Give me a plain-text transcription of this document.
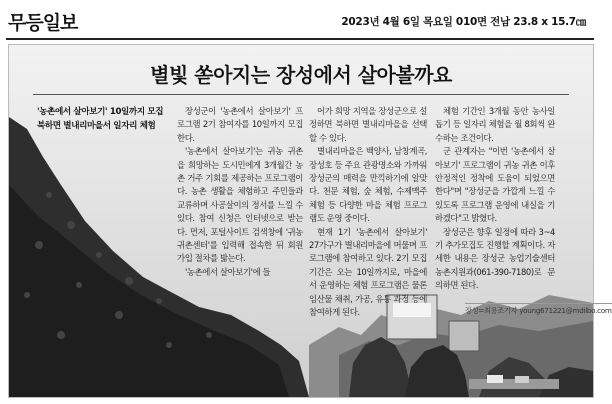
무등일보	2023년 4월 6일 목요일 010면 전남 23.8 x 15.7㎝
별빛 쏟아지는 장성에서 살아볼까요

'농촌에서 살아보기' 10일까지 모집

북하면 별내리마을서 일자리 체험

장성군이 '농촌에서 살아보기' 프로그램 2기 참여자를 10일까지 모집한다.

'농촌에서 살아보기'는 귀농 귀촌을 희망하는 도시민에게 3개월간 농촌 거주 기회를 제공하는 프로그램이다. 농촌 생활을 체험하고 주민들과 교류하며 사공살이의 정서를 느낄 수 있다. 참여 신청은 인터넷으로 받는다. 먼저, 포털사이트 검색창에 '귀농귀촌센터'를 입력해 접속한 뒤 회원가입 절차를 밟는다.

'농촌에서 살아보기'에 들

어가 희망 지역을 장성군으로 설정하면 북하면 별내리마을을 선택할 수 있다.

별내리마을은 백양사, 남창계곡, 장성호 등 주요 관광명소와 가까워 장성군의 매력을 만끽하기에 알맞다. 천문 체험, 숲 체험, 수제맥주 체험 등 다양한 마을 체험 프로그램도 운영 중이다.

현재 1기 '농촌에서 살아보기' 27가구가 별내리마을에 머물며 프로그램에 참여하고 있다. 2기 모집 기간은 오는 10일까지로, 마을에서 운영하는 체험 프로그램은 물론 임산물 채취, 가공, 유통 과정 등에 참여하게 된다.

체험 기간인 3개월 동안 농사일 돕기 등 일자리 체험을 월 8회씩 완수하는 조건이다.

군 관계자는 "이번 '농촌에서 살아보기' 프로그램이 귀농 귀촌 이후 안정적인 정착에 도움이 되었으면 한다"며 "장성군을 가깝게 느낄 수 있도록 프로그램 운영에 내실을 기하겠다"고 밝혔다.

장성군은 향후 일정에 따라 3~4기 추가모집도 진행할 계획이다. 자세한 내용은 장성군 농업기술센터 농촌지원과(061-390-7180)로 문의하면 된다.

장성=최용조기자 young671221@mdilbo.com
